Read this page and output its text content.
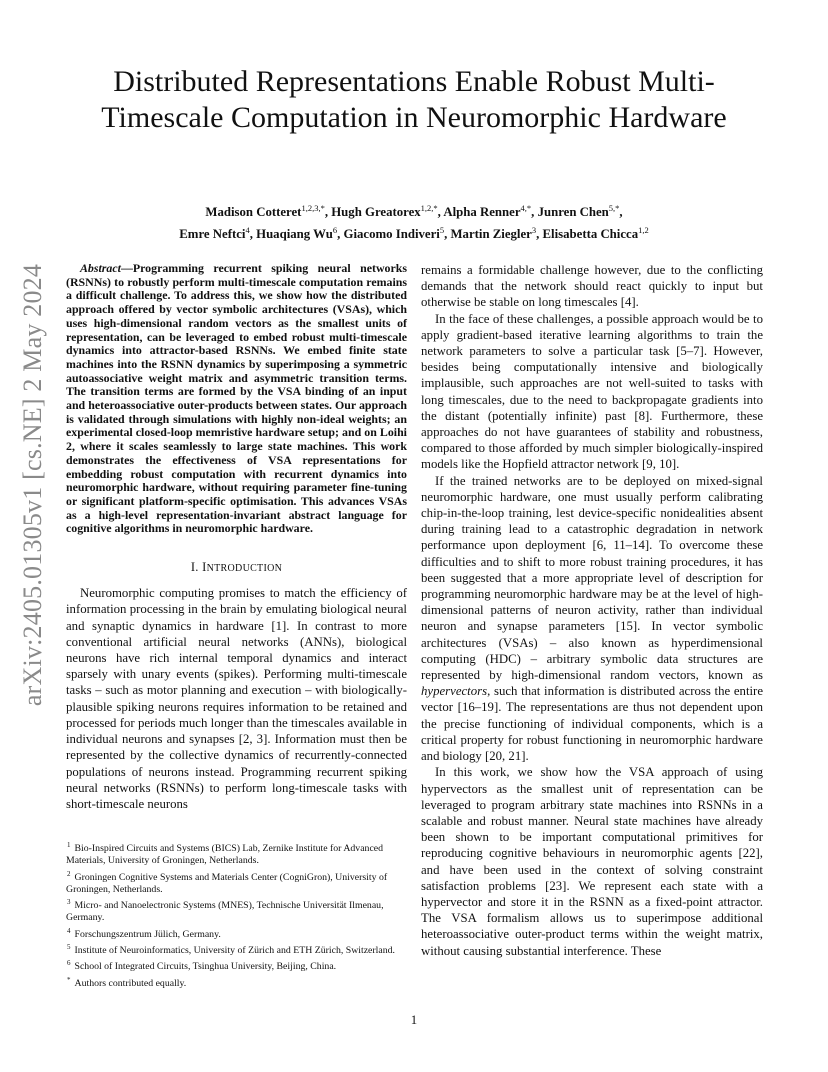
arXiv:2405.01305v1 [cs.NE] 2 May 2024
Distributed Representations Enable Robust Multi-Timescale Computation in Neuromorphic Hardware
Madison Cotteret$^{1,2,3,*}$, Hugh Greatorex$^{1,2,*}$, Alpha Renner$^{4,*}$, Junren Chen$^{5,*}$,
Emre Neftci$^4$, Huaqiang Wu$^6$, Giacomo Indiveri$^5$, Martin Ziegler$^3$, Elisabetta Chicca$^{1,2}$

Abstract—Programming recurrent spiking neural networks (RSNNs) to robustly perform multi-timescale computation remains a difficult challenge. To address this, we show how the distributed approach offered by vector symbolic architectures (VSAs), which uses high-dimensional random vectors as the smallest units of representation, can be leveraged to embed robust multi-timescale dynamics into attractor-based RSNNs. We embed finite state machines into the RSNN dynamics by superimposing a symmetric autoassociative weight matrix and asymmetric transition terms. The transition terms are formed by the VSA binding of an input and heteroassociative outer-products between states. Our approach is validated through simulations with highly non-ideal weights; an experimental closed-loop memristive hardware setup; and on Loihi 2, where it scales seamlessly to large state machines. This work demonstrates the effectiveness of VSA representations for embedding robust computation with recurrent dynamics into neuromorphic hardware, without requiring parameter fine-tuning or significant platform-specific optimisation. This advances VSAs as a high-level representation-invariant abstract language for cognitive algorithms in neuromorphic hardware.

I. INTRODUCTION

Neuromorphic computing promises to match the efficiency of information processing in the brain by emulating biological neural and synaptic dynamics in hardware [1]. In contrast to more conventional artificial neural networks (ANNs), biological neurons have rich internal temporal dynamics and interact sparsely with unary events (spikes). Performing multi-timescale tasks – such as motor planning and execution – with biologically-plausible spiking neurons requires information to be retained and processed for periods much longer than the timescales available in individual neurons and synapses [2, 3]. Information must then be represented by the collective dynamics of recurrently-connected populations of neurons instead. Programming recurrent spiking neural networks (RSNNs) to perform long-timescale tasks with short-timescale neurons

remains a formidable challenge however, due to the conflicting demands that the network should react quickly to input but otherwise be stable on long timescales [4].

In the face of these challenges, a possible approach would be to apply gradient-based iterative learning algorithms to train the network parameters to solve a particular task [5–7]. However, besides being computationally intensive and biologically implausible, such approaches are not well-suited to tasks with long timescales, due to the need to backpropagate gradients into the distant (potentially infinite) past [8]. Furthermore, these approaches do not have guarantees of stability and robustness, compared to those afforded by much simpler biologically-inspired models like the Hopfield attractor network [9, 10].

If the trained networks are to be deployed on mixed-signal neuromorphic hardware, one must usually perform calibrating chip-in-the-loop training, lest device-specific nonidealities absent during training lead to a catastrophic degradation in network performance upon deployment [6, 11–14]. To overcome these difficulties and to shift to more robust training procedures, it has been suggested that a more appropriate level of description for programming neuromorphic hardware may be at the level of high-dimensional patterns of neuron activity, rather than individual neuron and synapse parameters [15]. In vector symbolic architectures (VSAs) – also known as hyperdimensional computing (HDC) – arbitrary symbolic data structures are represented by high-dimensional random vectors, known as hypervectors, such that information is distributed across the entire vector [16–19]. The representations are thus not dependent upon the precise functioning of individual components, which is a critical property for robust functioning in neuromorphic hardware and biology [20, 21].

In this work, we show how the VSA approach of using hypervectors as the smallest unit of representation can be leveraged to program arbitrary state machines into RSNNs in a scalable and robust manner. Neural state machines have already been shown to be important computational primitives for reproducing cognitive behaviours in neuromorphic agents [22], and have been used in the context of solving constraint satisfaction problems [23]. We represent each state with a hypervector and store it in the RSNN as a fixed-point attractor. The VSA formalism allows us to superimpose additional heteroassociative outer-product terms within the weight matrix, without causing substantial interference. These

$^1$ Bio-Inspired Circuits and Systems (BICS) Lab, Zernike Institute for Advanced Materials, University of Groningen, Netherlands.

$^2$ Groningen Cognitive Systems and Materials Center (CogniGron), University of Groningen, Netherlands.

$^3$ Micro- and Nanoelectronic Systems (MNES), Technische Universität Ilmenau, Germany.

$^4$ Forschungszentrum Jülich, Germany.

$^5$ Institute of Neuroinformatics, University of Zürich and ETH Zürich, Switzerland.

$^6$ School of Integrated Circuits, Tsinghua University, Beijing, China.

* Authors contributed equally.

1
